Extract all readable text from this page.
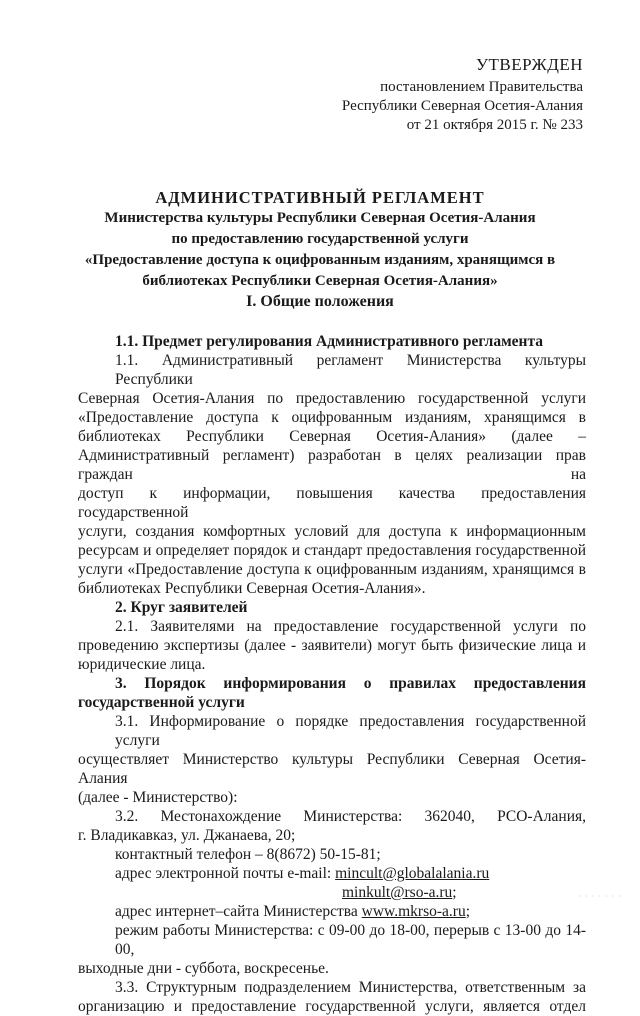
УТВЕРЖДЕН
постановлением Правительства
Республики Северная Осетия-Алания
от 21 октября 2015 г. № 233
АДМИНИСТРАТИВНЫЙ РЕГЛАМЕНТ
Министерства культуры Республики Северная Осетия-Алания
по предоставлению государственной услуги
«Предоставление доступа к оцифрованным изданиям, хранящимся в
библиотеках Республики Северная Осетия-Алания»
I. Общие положения
1.1. Предмет регулирования Административного регламента
1.1. Административный регламент Министерства культуры Республики
Северная Осетия-Алания по предоставлению государственной услуги
«Предоставление доступа к оцифрованным изданиям, хранящимся в
библиотеках Республики Северная Осетия-Алания» (далее –
Административный регламент) разработан в целях реализации прав граждан на
доступ к информации, повышения качества предоставления государственной
услуги, создания комфортных условий для доступа к информационным
ресурсам и определяет порядок и стандарт предоставления государственной
услуги «Предоставление доступа к оцифрованным изданиям, хранящимся в
библиотеках Республики Северная Осетия-Алания».
2. Круг заявителей
2.1. Заявителями на предоставление государственной услуги по
проведению экспертизы (далее - заявители) могут быть физические лица и
юридические лица.
3. Порядок информирования о правилах предоставления
государственной услуги
3.1. Информирование о порядке предоставления государственной услуги
осуществляет Министерство культуры Республики Северная Осетия-Алания
(далее - Министерство):
3.2. Местонахождение Министерства: 362040, РСО-Алания,
г. Владикавказ, ул. Джанаева, 20;
контактный телефон – 8(8672) 50-15-81;
адрес электронной почты e-mail: mincult@globalalania.ru
minkult@rso-a.ru;
адрес интернет–сайта Министерства www.mkrso-a.ru;
режим работы Министерства: с 09-00 до 18-00, перерыв с 13-00 до 14-00,
выходные дни - суббота, воскресенье.
3.3. Структурным подразделением Министерства, ответственным за
организацию и предоставление государственной услуги, является отдел
· · · · · · ·
